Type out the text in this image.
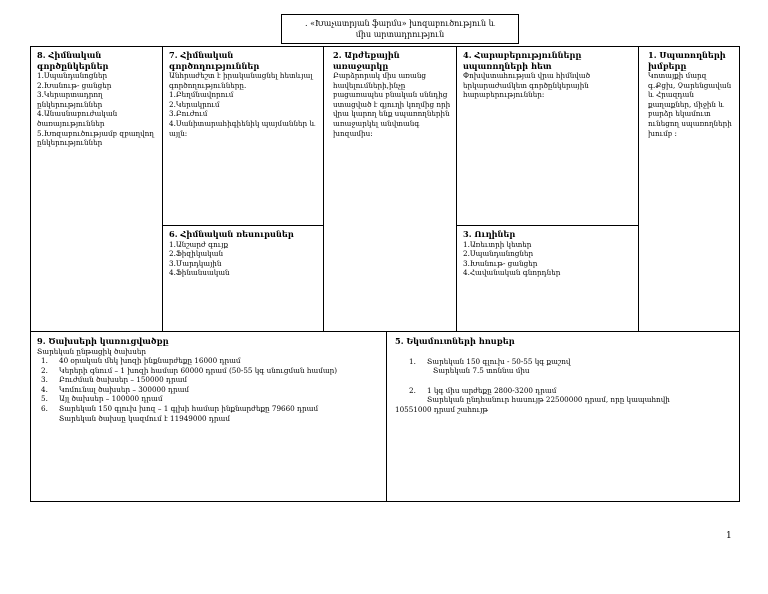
. «Խաչատրյան ֆարմս» խոզաբուծություն և
միս արտադրություն
8. Հիմնական գործընկերներ
1.Սպանդանոցներ
2.Խանութ- ցանցեր
3.Կերարտադրող ընկերություններ
4.Անասնաբուժական ծառայություններ
5.Խոզաբուծությամբ զբաղվող ընկերություններ
7. Հիմնական գործողություններ
Անհրաժեշտ է իրականացնել հետևյալ գործողությունները.
1.Բեղմնավորում
2.Կերակրում
3.Բուժում
4.Սանիտարահիգիենիկ պայմաններ և այլն:
6. Հիմնական ռեսուրսներ
1.Անշարժ գույք
2.Ֆիզիկական
3.Մարդկային
4.Ֆինանսական
2. Արժեքային առաջարկը
Բարձրորակ միս առանց հավելումների,ինչը բացառապես բնական սննդից ստացված է գյուղի կողմից որի վրա կարող ենք սպառողներին առաջարկել անվտանգ խոզամիս:
4. Հարաբերությունները սպառողների հետ
Փոխվստահության վրա հիմնված երկարաժամկետ գործընկերային հարաբերություններ:
3. Ուղիներ
1.Առեւտրի կետեր
2.Սպանդանոցներ
3.Խանութ- ցանցեր
4.Հավանական գնորդներ
1. Սպառողների խմբերը
Կոտայքի մարզ գ.Քցխ, Չարենցավան և Հրազդան քաղաքներ, միջին և բարձր եկամուտ ունեցող սպառողների խումբ :
9. Ծախսերի կառուցվածքը
Տարեկան ընթացիկ ծախսեր
1.	40 օրական մեկ խոզի ինքնարժեքը 16000 դրամ
2.	Կերերի գնում – 1 խոզի համար 60000 դրամ (50-55 կգ սնուցման համար)
3.	Բուժման ծախսեր – 150000 դրամ
4.	Կոմունալ ծախսեր – 300000 դրամ
5.	Այլ ծախսեր – 100000 դրամ
6.	Տարեկան 150 գլուխ խոզ – 1 գլխի համար ինքնարժեքը 79660 դրամ
Տարեկան ծախսը կազմում է 11949000 դրամ
5. Եկամուտների հոսքեր
1.	Տարեկան 150 գլուխ - 50-55 կգ քաշով
Տարեկան 7.5 տոննա միս
2.	1 կգ միս արժեքը 2800-3200 դրամ
Տարեկան ընդհանուր հասույթ 22500000 դրամ, որը կապահովի
10551000 դրամ շահույթ
1
